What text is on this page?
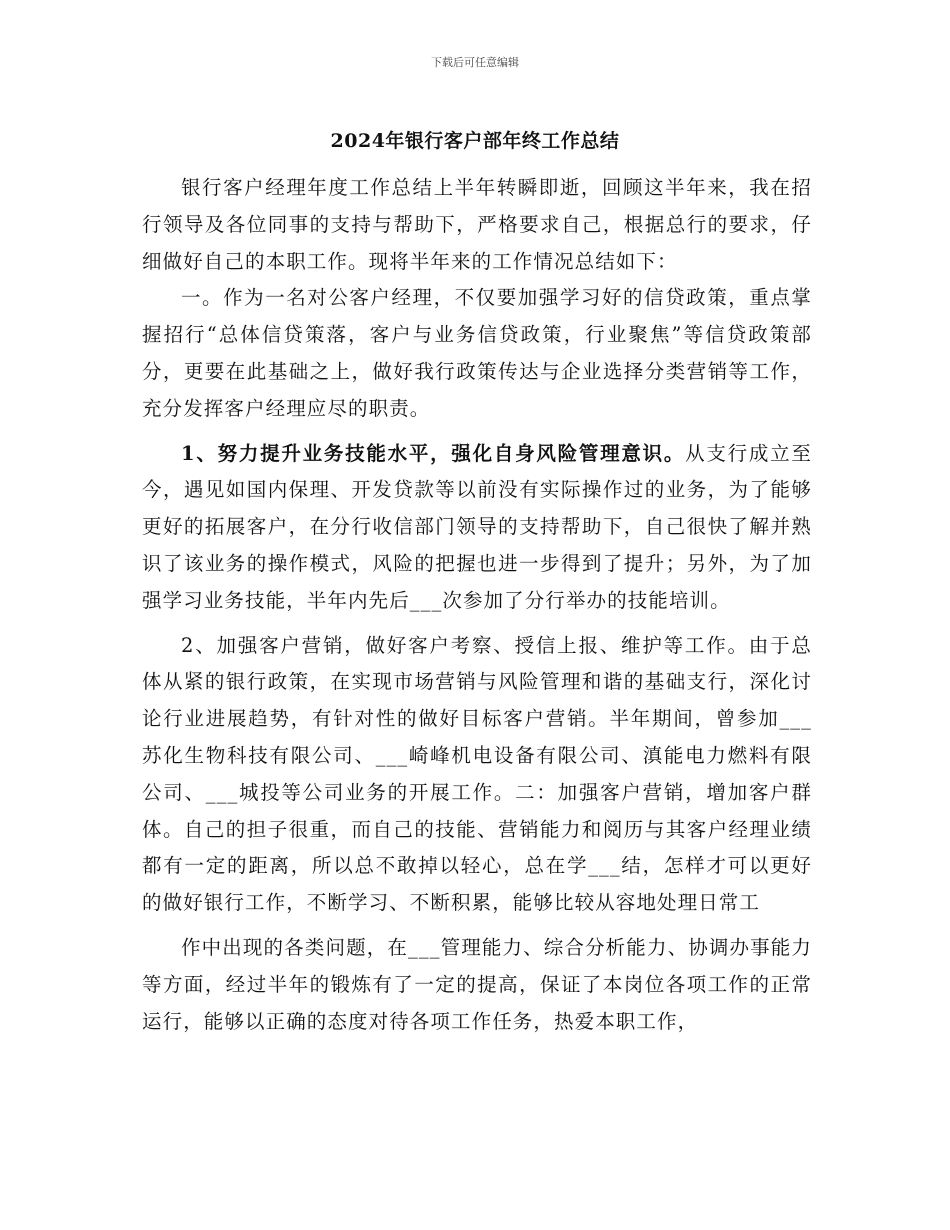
下载后可任意编辑
2024年银行客户部年终工作总结

银行客户经理年度工作总结上半年转瞬即逝，回顾这半年来，我在招行领导及各位同事的支持与帮助下，严格要求自己，根据总行的要求，仔细做好自己的本职工作。现将半年来的工作情况总结如下：

一。作为一名对公客户经理，不仅要加强学习好的信贷政策，重点掌握招行“总体信贷策落，客户与业务信贷政策，行业聚焦”等信贷政策部分，更要在此基础之上，做好我行政策传达与企业选择分类营销等工作，充分发挥客户经理应尽的职责。

1、努力提升业务技能水平，强化自身风险管理意识。从支行成立至今，遇见如国内保理、开发贷款等以前没有实际操作过的业务，为了能够更好的拓展客户，在分行收信部门领导的支持帮助下，自己很快了解并熟识了该业务的操作模式，风险的把握也进一步得到了提升；另外，为了加强学习业务技能，半年内先后___次参加了分行举办的技能培训。

2、加强客户营销，做好客户考察、授信上报、维护等工作。由于总体从紧的银行政策，在实现市场营销与风险管理和谐的基础支行，深化讨论行业进展趋势，有针对性的做好目标客户营销。半年期间，曾参加___苏化生物科技有限公司、___崎峰机电设备有限公司、滇能电力燃料有限公司、___城投等公司业务的开展工作。二：加强客户营销，增加客户群体。自己的担子很重，而自己的技能、营销能力和阅历与其客户经理业绩都有一定的距离，所以总不敢掉以轻心，总在学___结，怎样才可以更好的做好银行工作，不断学习、不断积累，能够比较从容地处理日常工

作中出现的各类问题，在___管理能力、综合分析能力、协调办事能力等方面，经过半年的锻炼有了一定的提高，保证了本岗位各项工作的正常运行，能够以正确的态度对待各项工作任务，热爱本职工作，
